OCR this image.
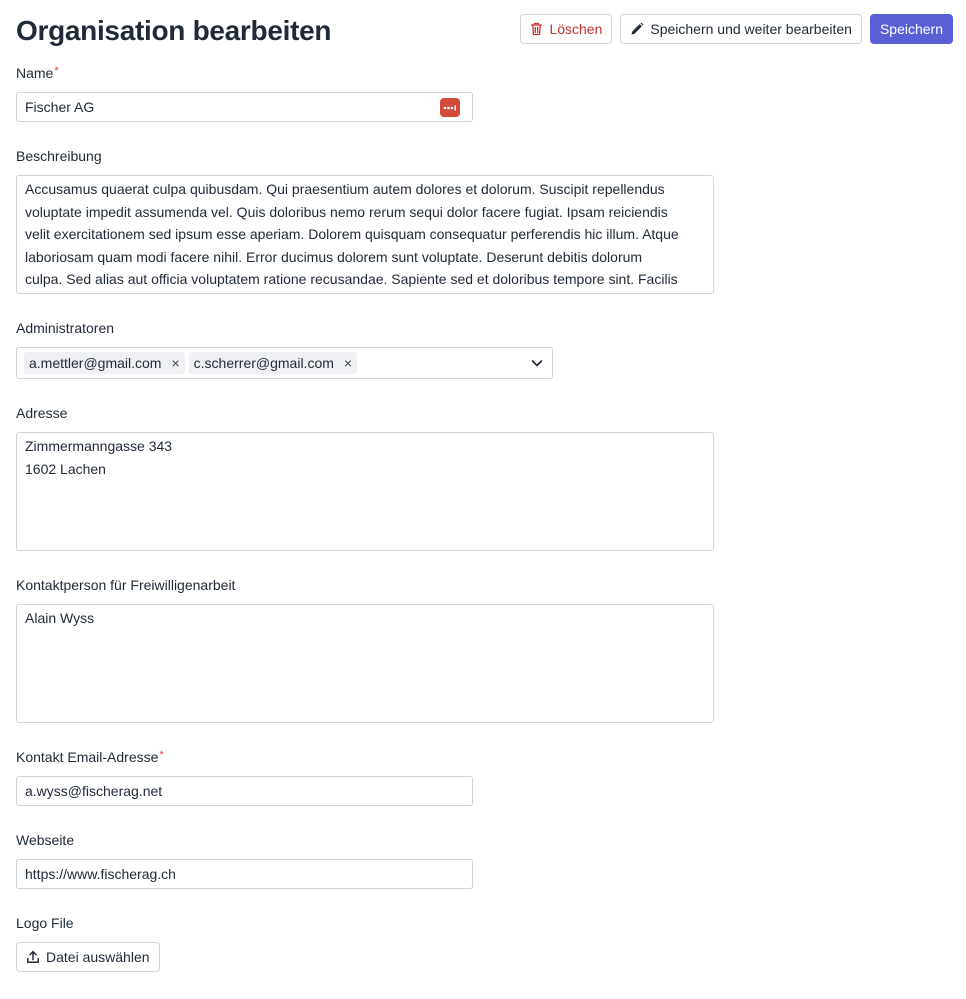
Organisation bearbeiten	Löschen	Speichern und weiter bearbeiten	Speichern
Name*
Fischer AG
Beschreibung
Accusamus quaerat culpa quibusdam. Qui praesentium autem dolores et dolorum. Suscipit repellendus
voluptate impedit assumenda vel. Quis doloribus nemo rerum sequi dolor facere fugiat. Ipsam reiciendis
velit exercitationem sed ipsum esse aperiam. Dolorem quisquam consequatur perferendis hic illum. Atque
laboriosam quam modi facere nihil. Error ducimus dolorem sunt voluptate. Deserunt debitis dolorum
culpa. Sed alias aut officia voluptatem ratione recusandae. Sapiente sed et doloribus tempore sint. Facilis
Administratoren
a.mettler@gmail.com × c.scherrer@gmail.com ×
Adresse
Zimmermanngasse 343
1602 Lachen
Kontaktperson für Freiwilligenarbeit
Alain Wyss
Kontakt Email-Adresse*
a.wyss@fischerag.net
Webseite
https://www.fischerag.ch
Logo File
Datei auswählen
